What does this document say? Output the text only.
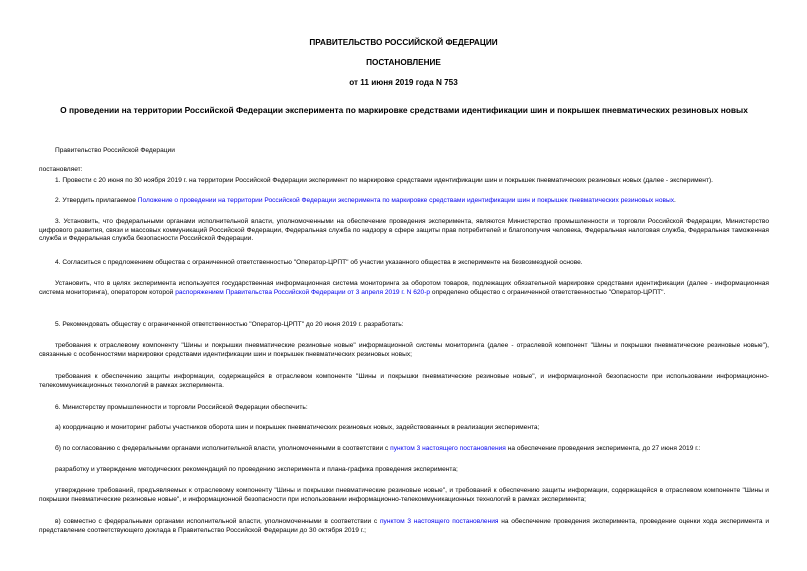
ПРАВИТЕЛЬСТВО РОССИЙСКОЙ ФЕДЕРАЦИИ
ПОСТАНОВЛЕНИЕ
от 11 июня 2019 года N 753
О проведении на территории Российской Федерации эксперимента по маркировке средствами идентификации шин и покрышек пневматических резиновых новых
Правительство Российской Федерации
постановляет:
1. Провести с 20 июня по 30 ноября 2019 г. на территории Российской Федерации эксперимент по маркировке средствами идентификации шин и покрышек пневматических резиновых новых (далее - эксперимент).
2. Утвердить прилагаемое Положение о проведении на территории Российской Федерации эксперимента по маркировке средствами идентификации шин и покрышек пневматических резиновых новых.
3. Установить, что федеральными органами исполнительной власти, уполномоченными на обеспечение проведения эксперимента, являются Министерство промышленности и торговли Российской Федерации, Министерство цифрового развития, связи и массовых коммуникаций Российской Федерации, Федеральная служба по надзору в сфере защиты прав потребителей и благополучия человека, Федеральная налоговая служба, Федеральная таможенная служба и Федеральная служба безопасности Российской Федерации.
4. Согласиться с предложением общества с ограниченной ответственностью "Оператор-ЦРПТ" об участии указанного общества в эксперименте на безвозмездной основе.
Установить, что в целях эксперимента используется государственная информационная система мониторинга за оборотом товаров, подлежащих обязательной маркировке средствами идентификации (далее - информационная система мониторинга), оператором которой распоряжением Правительства Российской Федерации от 3 апреля 2019 г. N 620-р определено общество с ограниченной ответственностью "Оператор-ЦРПТ".
5. Рекомендовать обществу с ограниченной ответственностью "Оператор-ЦРПТ" до 20 июня 2019 г. разработать:
требования к отраслевому компоненту "Шины и покрышки пневматические резиновые новые" информационной системы мониторинга (далее - отраслевой компонент "Шины и покрышки пневматические резиновые новые"), связанные с особенностями маркировки средствами идентификации шин и покрышек пневматических резиновых новых;
требования к обеспечению защиты информации, содержащейся в отраслевом компоненте "Шины и покрышки пневматические резиновые новые", и информационной безопасности при использовании информационно-телекоммуникационных технологий в рамках эксперимента.
6. Министерству промышленности и торговли Российской Федерации обеспечить:
а) координацию и мониторинг работы участников оборота шин и покрышек пневматических резиновых новых, задействованных в реализации эксперимента;
б) по согласованию с федеральными органами исполнительной власти, уполномоченными в соответствии с пунктом 3 настоящего постановления на обеспечение проведения эксперимента, до 27 июня 2019 г.:
разработку и утверждение методических рекомендаций по проведению эксперимента и плана-графика проведения эксперимента;
утверждение требований, предъявляемых к отраслевому компоненту "Шины и покрышки пневматические резиновые новые", и требований к обеспечению защиты информации, содержащейся в отраслевом компоненте "Шины и покрышки пневматические резиновые новые", и информационной безопасности при использовании информационно-телекоммуникационных технологий в рамках эксперимента;
в) совместно с федеральными органами исполнительной власти, уполномоченными в соответствии с пунктом 3 настоящего постановления на обеспечение проведения эксперимента, проведение оценки хода эксперимента и представление соответствующего доклада в Правительство Российской Федерации до 30 октября 2019 г.;
